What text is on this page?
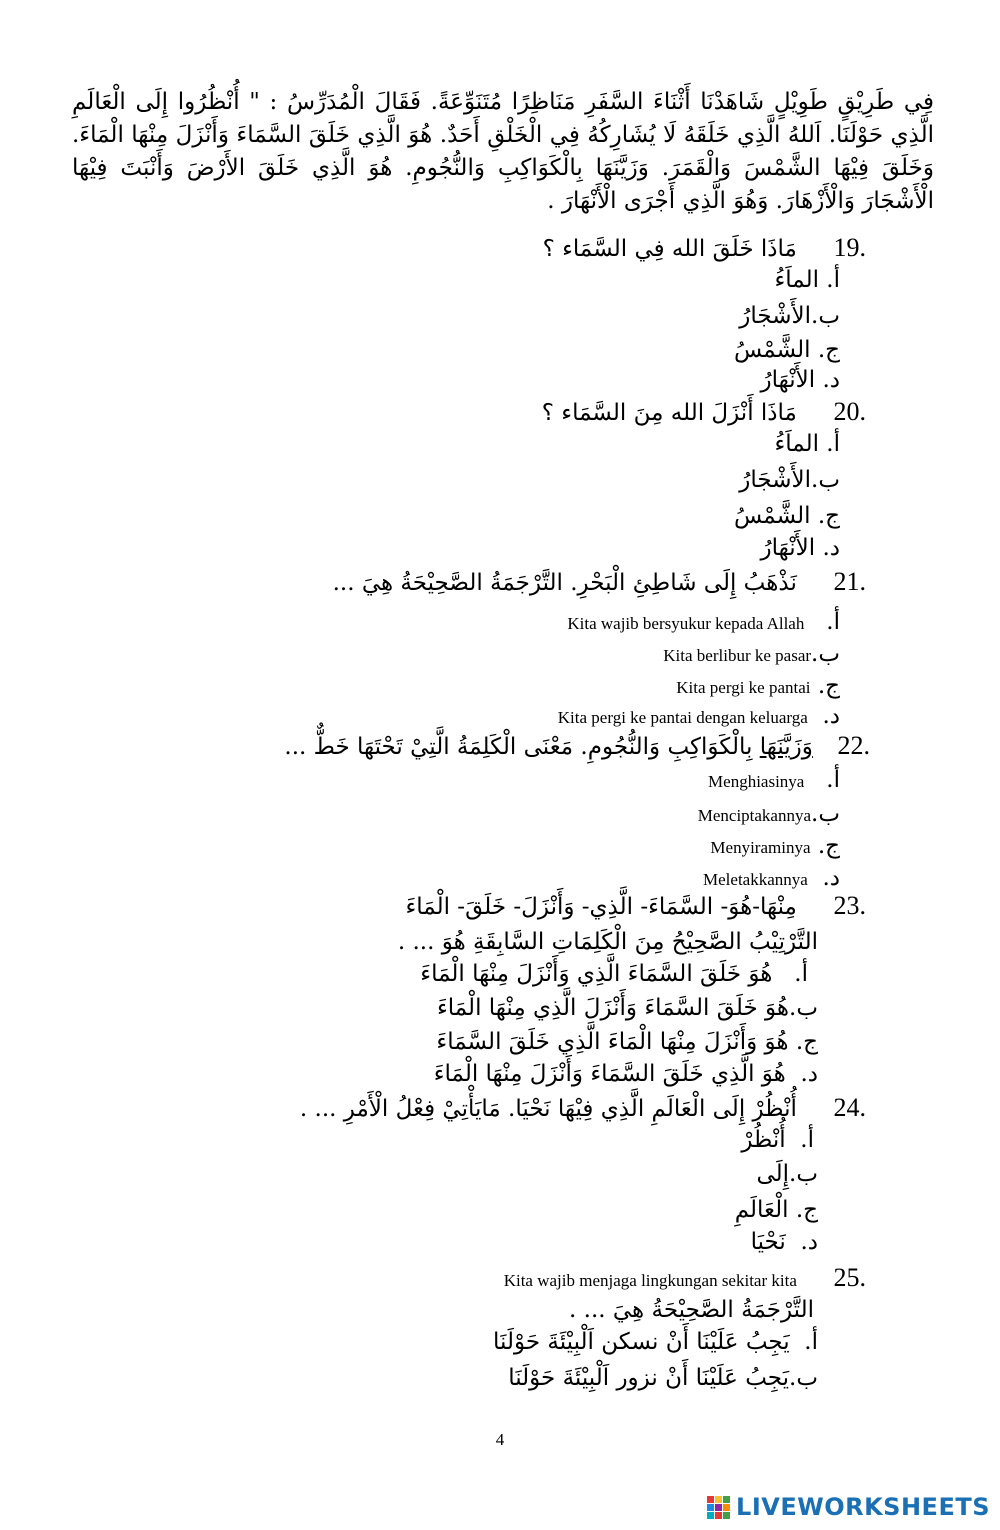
فِي طَرِيْقٍ طَوِيْلٍ شَاهَدْنَا أَثْنَاءَ السَّفَرِ مَنَاظِرًا مُتَنَوِّعَةً. فَقَالَ الْمُدَرِّسُ : " أُنْظُرُوا إِلَى الْعَالَمِ الَّذِي حَوْلَنَا. اَللهُ الَّذِي خَلَقَهُ لَا يُشَارِكُهُ فِي الْخَلْقِ أَحَدٌ. هُوَ الَّذِي خَلَقَ السَّمَاءَ وَأَنْزَلَ مِنْهَا الْمَاءَ. وَخَلَقَ فِيْهَا الشَّمْسَ وَالْقَمَرَ. وَزَيَّنَهَا بِالْكَوَاكِبِ وَالنُّجُومِ. هُوَ الَّذِي خَلَقَ الأَرْضَ وَأَنْبَتَ فِيْهَا الْأَشْجَارَ وَالْأَزْهَارَ. وَهُوَ الَّذِي أَجْرَى الْأَنْهَارَ .
.19  مَاذَا خَلَقَ الله فِي السَّمَاء ؟
أ. الماَءُ
ب.الأَشْجَارُ
ج. الشَّمْسُ
د. الأَنْهَارُ
.20  مَاذَا أَنْزَلَ الله مِنَ السَّمَاء ؟
أ. الماَءُ
ب.الأَشْجَارُ
ج. الشَّمْسُ
د. الأَنْهَارُ
.21  نَذْهَبُ إِلَى شَاطِئِ الْبَحْرِ. التَّرْجَمَةُ الصَّحِيْحَةُ هِيَ ...
أ.   Kita wajib bersyukur kepada Allah
ب.Kita berlibur ke pasar
ج. Kita pergi ke pantai
د.  Kita pergi ke pantai dengan keluarga
.22  وَزَيَّنَهَا بِالْكَوَاكِبِ وَالنُّجُومِ. مَعْنَى الْكَلِمَةُ الَّتِيْ تَحْتَهَا خَطٌّ ...
أ.   Menghiasinya
ب.Menciptakannya
ج. Menyiraminya
د.  Meletakkannya
.23  مِنْهَا-هُوَ- السَّمَاءَ- الَّذِي- وَأَنْزَلَ- خَلَقَ- الْمَاءَ
التَّرْتِيْبُ الصَّحِيْحُ مِنَ الْكَلِمَاتِ السَّابِقَةِ هُوَ ... .
أ.   هُوَ خَلَقَ السَّمَاءَ الَّذِي وَأَنْزَلَ مِنْهَا الْمَاءَ
ب.هُوَ خَلَقَ السَّمَاءَ وَأَنْزَلَ الَّذِي مِنْهَا الْمَاءَ
ج. هُوَ وَأَنْزَلَ مِنْهَا الْمَاءَ الَّذِي خَلَقَ السَّمَاءَ
د.  هُوَ الَّذِي خَلَقَ السَّمَاءَ وَأَنْزَلَ مِنْهَا الْمَاءَ
.24  أُنْظُرْ إِلَى الْعَالَمِ الَّذِي فِيْهَا نَحْيَا. مَايَأْتِيْ فِعْلُ الْأَمْرِ ... .
أ.  أُنْظُرْ
ب.إِلَى
ج. الْعَالَمِ
د.  نَحْيَا
.25  Kita wajib menjaga lingkungan sekitar kita
التَّرْجَمَةُ الصَّحِيْحَةُ هِيَ ... .
أ.  يَجِبُ عَلَيْنَا أَنْ نسكن اَلْبِيْئَةَ حَوْلَنَا
ب.يَجِبُ عَلَيْنَا أَنْ نزور اَلْبِيْئَةَ حَوْلَنَا
4
LIVEWORKSHEETS
